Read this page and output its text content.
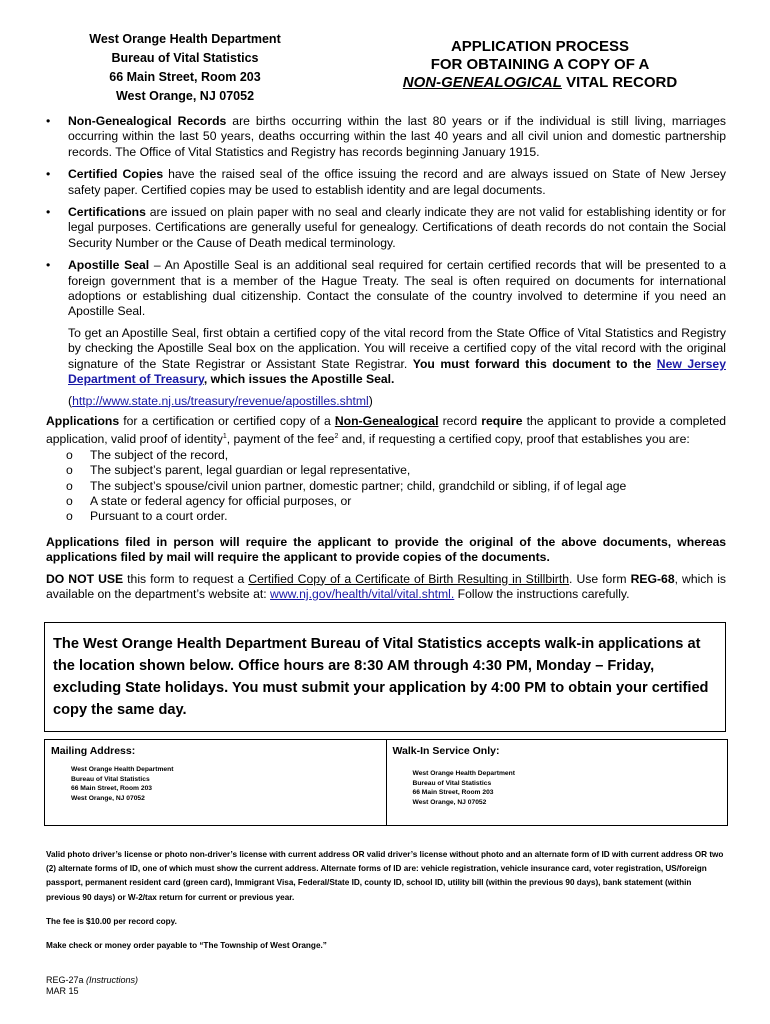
West Orange Health Department
Bureau of Vital Statistics
66 Main Street, Room 203
West Orange, NJ 07052
APPLICATION PROCESS
FOR OBTAINING A COPY OF A
NON-GENEALOGICAL VITAL RECORD
• Non-Genealogical Records are births occurring within the last 80 years or if the individual is still living, marriages occurring within the last 50 years, deaths occurring within the last 40 years and all civil union and domestic partnership records. The Office of Vital Statistics and Registry has records beginning January 1915.
• Certified Copies have the raised seal of the office issuing the record and are always issued on State of New Jersey safety paper. Certified copies may be used to establish identity and are legal documents.
• Certifications are issued on plain paper with no seal and clearly indicate they are not valid for establishing identity or for legal purposes. Certifications are generally useful for genealogy. Certifications of death records do not contain the Social Security Number or the Cause of Death medical terminology.
• Apostille Seal – An Apostille Seal is an additional seal required for certain certified records that will be presented to a foreign government that is a member of the Hague Treaty. The seal is often required on documents for international adoptions or establishing dual citizenship. Contact the consulate of the country involved to determine if you need an Apostille Seal.

To get an Apostille Seal, first obtain a certified copy of the vital record from the State Office of Vital Statistics and Registry by checking the Apostille Seal box on the application. You will receive a certified copy of the vital record with the original signature of the State Registrar or Assistant State Registrar. You must forward this document to the New Jersey Department of Treasury, which issues the Apostille Seal.

(http://www.state.nj.us/treasury/revenue/apostilles.shtml)

Applications for a certification or certified copy of a Non-Genealogical record require the applicant to provide a completed application, valid proof of identity$^1$, payment of the fee$^2$ and, if requesting a certified copy, proof that establishes you are:

o The subject of the record,
o The subject’s parent, legal guardian or legal representative,
o The subject’s spouse/civil union partner, domestic partner; child, grandchild or sibling, if of legal age
o A state or federal agency for official purposes, or
o Pursuant to a court order.

Applications filed in person will require the applicant to provide the original of the above documents, whereas applications filed by mail will require the applicant to provide copies of the documents.

DO NOT USE this form to request a Certified Copy of a Certificate of Birth Resulting in Stillbirth. Use form REG-68, which is available on the department’s website at: www.nj.gov/health/vital/vital.shtml. Follow the instructions carefully.

The West Orange Health Department Bureau of Vital Statistics accepts walk-in applications at the location shown below. Office hours are 8:30 AM through 4:30 PM, Monday – Friday, excluding State holidays. You must submit your application by 4:00 PM to obtain your certified copy the same day.
Mailing Address:
West Orange Health Department
Bureau of Vital Statistics
66 Main Street, Room 203
West Orange, NJ 07052
Walk-In Service Only:
West Orange Health Department
Bureau of Vital Statistics
66 Main Street, Room 203
West Orange, NJ 07052

Valid photo driver’s license or photo non-driver’s license with current address OR valid driver’s license without photo and an alternate form of ID with current address OR two (2) alternate forms of ID, one of which must show the current address. Alternate forms of ID are: vehicle registration, vehicle insurance card, voter registration, US/foreign passport, permanent resident card (green card), Immigrant Visa, Federal/State ID, county ID, school ID, utility bill (within the previous 90 days), bank statement (within previous 90 days) or W-2/tax return for current or previous year.

The fee is $10.00 per record copy.

Make check or money order payable to “The Township of West Orange.”

REG-27a (Instructions)
MAR 15
